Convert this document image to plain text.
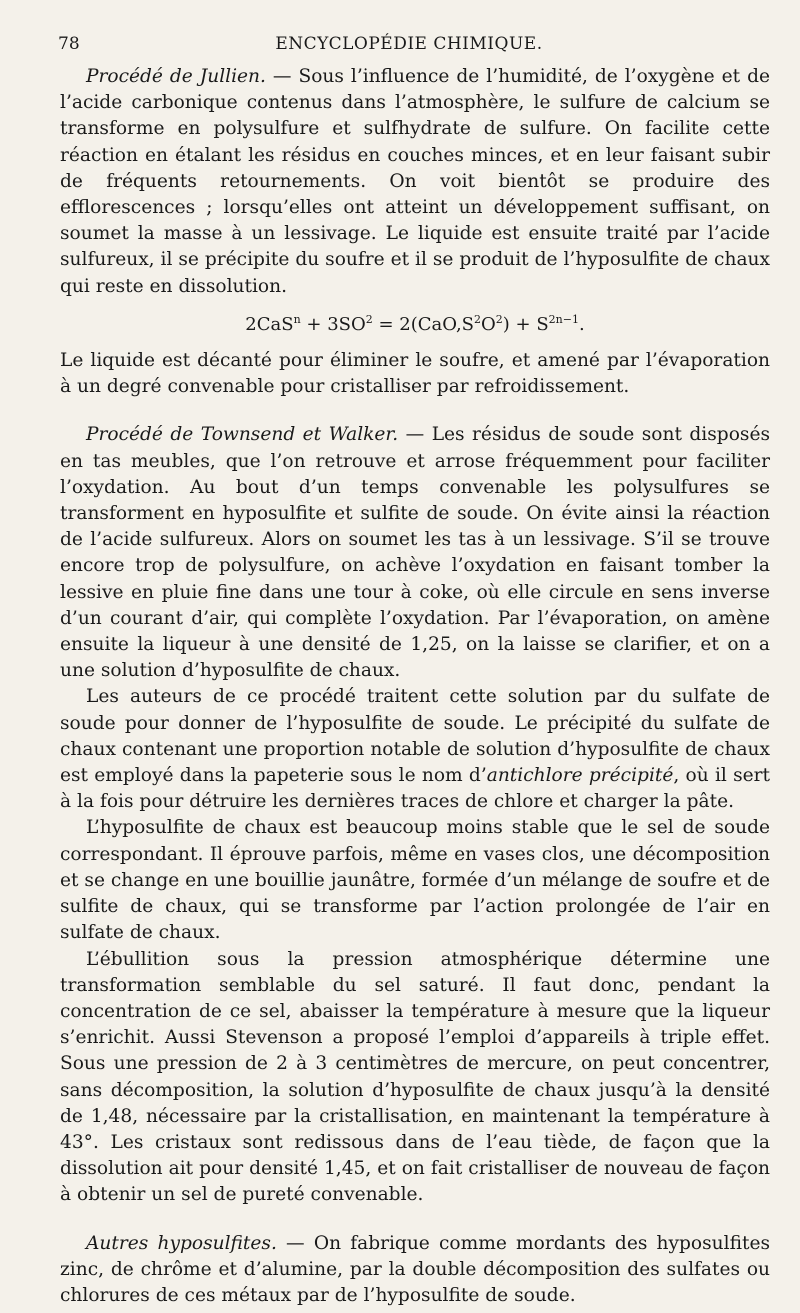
78	ENCYCLOPÉDIE CHIMIQUE.

Procédé de Jullien. — Sous l’influence de l’humidité, de l’oxygène et de l’acide carbonique contenus dans l’atmosphère, le sulfure de calcium se transforme en polysulfure et sulfhydrate de sulfure. On facilite cette réaction en étalant les résidus en couches minces, et en leur faisant subir de fréquents retournements. On voit bientôt se produire des efflorescences ; lorsqu’elles ont atteint un développement suffisant, on soumet la masse à un lessivage. Le liquide est ensuite traité par l’acide sulfureux, il se précipite du soufre et il se produit de l’hyposulfite de chaux qui reste en dissolution.

$2CaS^n + 3SO^2 = 2(CaO,S^2O^2) + S^{2n-1}$.

Le liquide est décanté pour éliminer le soufre, et amené par l’évaporation à un degré convenable pour cristalliser par refroidissement.

Procédé de Townsend et Walker. — Les résidus de soude sont disposés en tas meubles, que l’on retrouve et arrose fréquemment pour faciliter l’oxydation. Au bout d’un temps convenable les polysulfures se transforment en hyposulfite et sulfite de soude. On évite ainsi la réaction de l’acide sulfureux. Alors on soumet les tas à un lessivage. S’il se trouve encore trop de polysulfure, on achève l’oxydation en faisant tomber la lessive en pluie fine dans une tour à coke, où elle circule en sens inverse d’un courant d’air, qui complète l’oxydation. Par l’évaporation, on amène ensuite la liqueur à une densité de 1,25, on la laisse se clarifier, et on a une solution d’hyposulfite de chaux.

Les auteurs de ce procédé traitent cette solution par du sulfate de soude pour donner de l’hyposulfite de soude. Le précipité du sulfate de chaux contenant une proportion notable de solution d’hyposulfite de chaux est employé dans la papeterie sous le nom d’antichlore précipité, où il sert à la fois pour détruire les dernières traces de chlore et charger la pâte.

L’hyposulfite de chaux est beaucoup moins stable que le sel de soude correspondant. Il éprouve parfois, même en vases clos, une décomposition et se change en une bouillie jaunâtre, formée d’un mélange de soufre et de sulfite de chaux, qui se transforme par l’action prolongée de l’air en sulfate de chaux.

L’ébullition sous la pression atmosphérique détermine une transformation semblable du sel saturé. Il faut donc, pendant la concentration de ce sel, abaisser la température à mesure que la liqueur s’enrichit. Aussi Stevenson a proposé l’emploi d’appareils à triple effet. Sous une pression de 2 à 3 centimètres de mercure, on peut concentrer, sans décomposition, la solution d’hyposulfite de chaux jusqu’à la densité de 1,48, nécessaire par la cristallisation, en maintenant la température à 43°. Les cristaux sont redissous dans de l’eau tiède, de façon que la dissolution ait pour densité 1,45, et on fait cristalliser de nouveau de façon à obtenir un sel de pureté convenable.

Autres hyposulfites. — On fabrique comme mordants des hyposulfites zinc, de chrôme et d’alumine, par la double décomposition des sulfates ou chlorures de ces métaux par de l’hyposulfite de soude.
